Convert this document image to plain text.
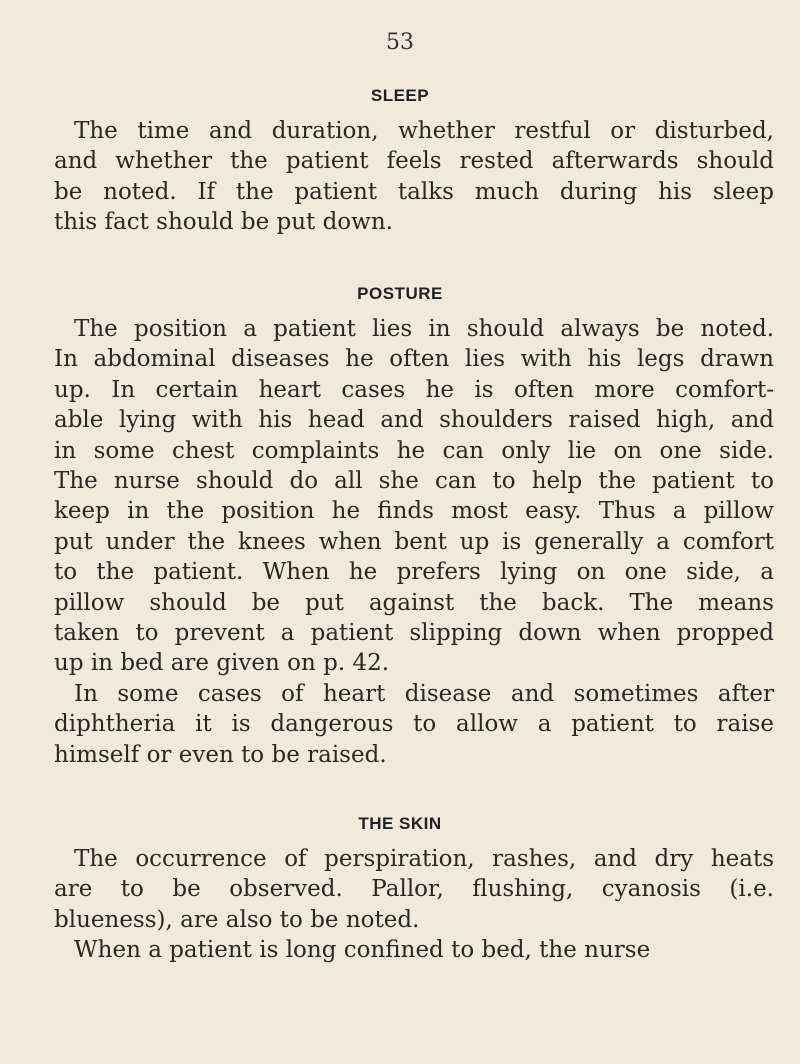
53
SLEEP
The time and duration, whether restful or disturbed,
and whether the patient feels rested afterwards should
be noted. If the patient talks much during his sleep
this fact should be put down.
POSTURE
The position a patient lies in should always be noted.
In abdominal diseases he often lies with his legs drawn
up. In certain heart cases he is often more comfort-
able lying with his head and shoulders raised high, and
in some chest complaints he can only lie on one side.
The nurse should do all she can to help the patient to
keep in the position he finds most easy. Thus a pillow
put under the knees when bent up is generally a comfort
to the patient. When he prefers lying on one side, a
pillow should be put against the back. The means
taken to prevent a patient slipping down when propped
up in bed are given on p. 42.
In some cases of heart disease and sometimes after
diphtheria it is dangerous to allow a patient to raise
himself or even to be raised.
THE SKIN
The occurrence of perspiration, rashes, and dry heats
are to be observed. Pallor, flushing, cyanosis (i.e.
blueness), are also to be noted.
When a patient is long confined to bed, the nurse
